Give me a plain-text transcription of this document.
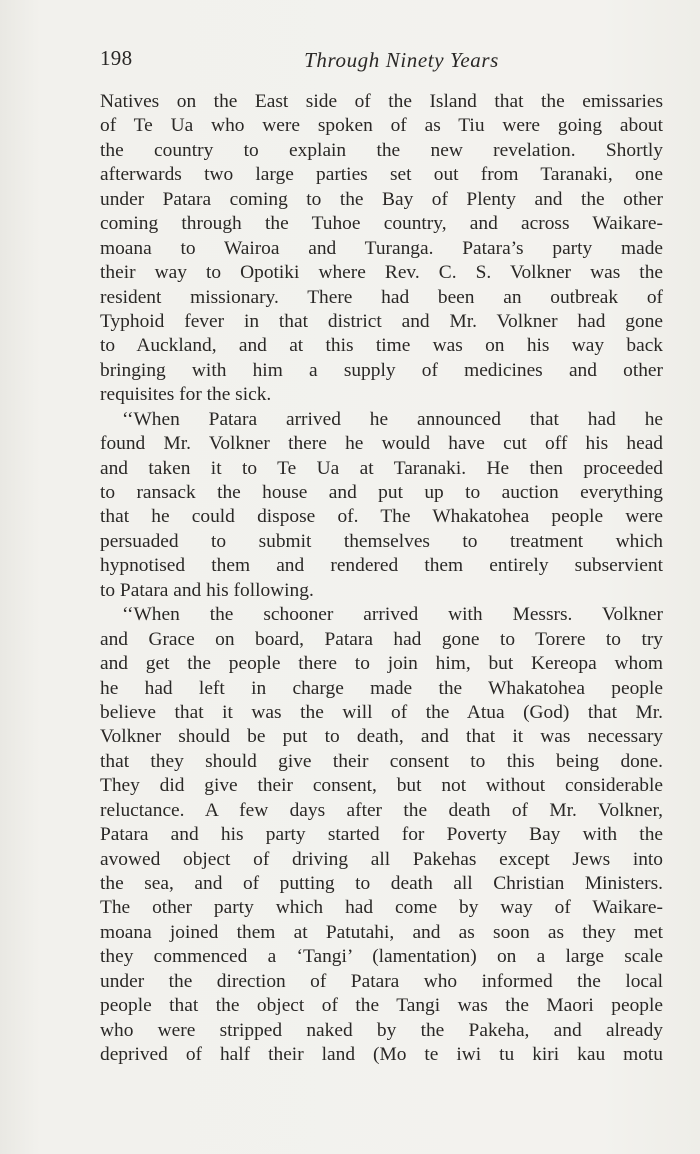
198	Through Ninety Years
Natives on the East side of the Island that the emissaries
of Te Ua who were spoken of as Tiu were going about
the country to explain the new revelation. Shortly
afterwards two large parties set out from Taranaki, one
under Patara coming to the Bay of Plenty and the other
coming through the Tuhoe country, and across Waikare-
moana to Wairoa and Turanga. Patara’s party made
their way to Opotiki where Rev. C. S. Volkner was the
resident missionary. There had been an outbreak of
Typhoid fever in that district and Mr. Volkner had gone
to Auckland, and at this time was on his way back
bringing with him a supply of medicines and other
requisites for the sick.
‘‘When Patara arrived he announced that had he
found Mr. Volkner there he would have cut off his head
and taken it to Te Ua at Taranaki. He then proceeded
to ransack the house and put up to auction everything
that he could dispose of. The Whakatohea people were
persuaded to submit themselves to treatment which
hypnotised them and rendered them entirely subservient
to Patara and his following.
‘‘When the schooner arrived with Messrs. Volkner
and Grace on board, Patara had gone to Torere to try
and get the people there to join him, but Kereopa whom
he had left in charge made the Whakatohea people
believe that it was the will of the Atua (God) that Mr.
Volkner should be put to death, and that it was necessary
that they should give their consent to this being done.
They did give their consent, but not without considerable
reluctance. A few days after the death of Mr. Volkner,
Patara and his party started for Poverty Bay with the
avowed object of driving all Pakehas except Jews into
the sea, and of putting to death all Christian Ministers.
The other party which had come by way of Waikare-
moana joined them at Patutahi, and as soon as they met
they commenced a ‘Tangi’ (lamentation) on a large scale
under the direction of Patara who informed the local
people that the object of the Tangi was the Maori people
who were stripped naked by the Pakeha, and already
deprived of half their land (Mo te iwi tu kiri kau motu
